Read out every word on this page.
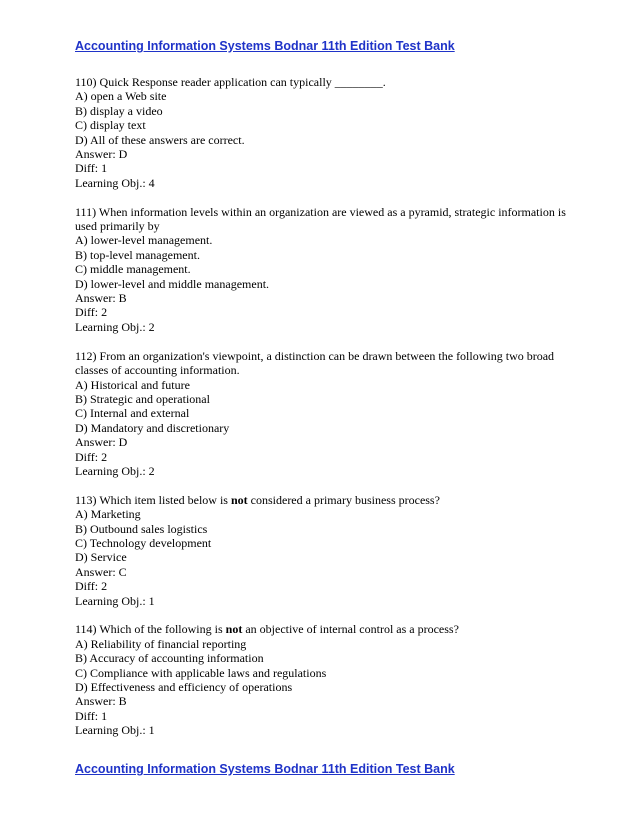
Accounting Information Systems Bodnar 11th Edition Test Bank
110) Quick Response reader application can typically ________.
A) open a Web site
B) display a video
C) display text
D) All of these answers are correct.
Answer: D
Diff: 1
Learning Obj.: 4
111) When information levels within an organization are viewed as a pyramid, strategic information is used primarily by
A) lower-level management.
B) top-level management.
C) middle management.
D) lower-level and middle management.
Answer: B
Diff: 2
Learning Obj.: 2
112) From an organization's viewpoint, a distinction can be drawn between the following two broad classes of accounting information.
A) Historical and future
B) Strategic and operational
C) Internal and external
D) Mandatory and discretionary
Answer: D
Diff: 2
Learning Obj.: 2
113) Which item listed below is not considered a primary business process?
A) Marketing
B) Outbound sales logistics
C) Technology development
D) Service
Answer: C
Diff: 2
Learning Obj.: 1
114) Which of the following is not an objective of internal control as a process?
A) Reliability of financial reporting
B) Accuracy of accounting information
C) Compliance with applicable laws and regulations
D) Effectiveness and efficiency of operations
Answer: B
Diff: 1
Learning Obj.: 1
Accounting Information Systems Bodnar 11th Edition Test Bank
